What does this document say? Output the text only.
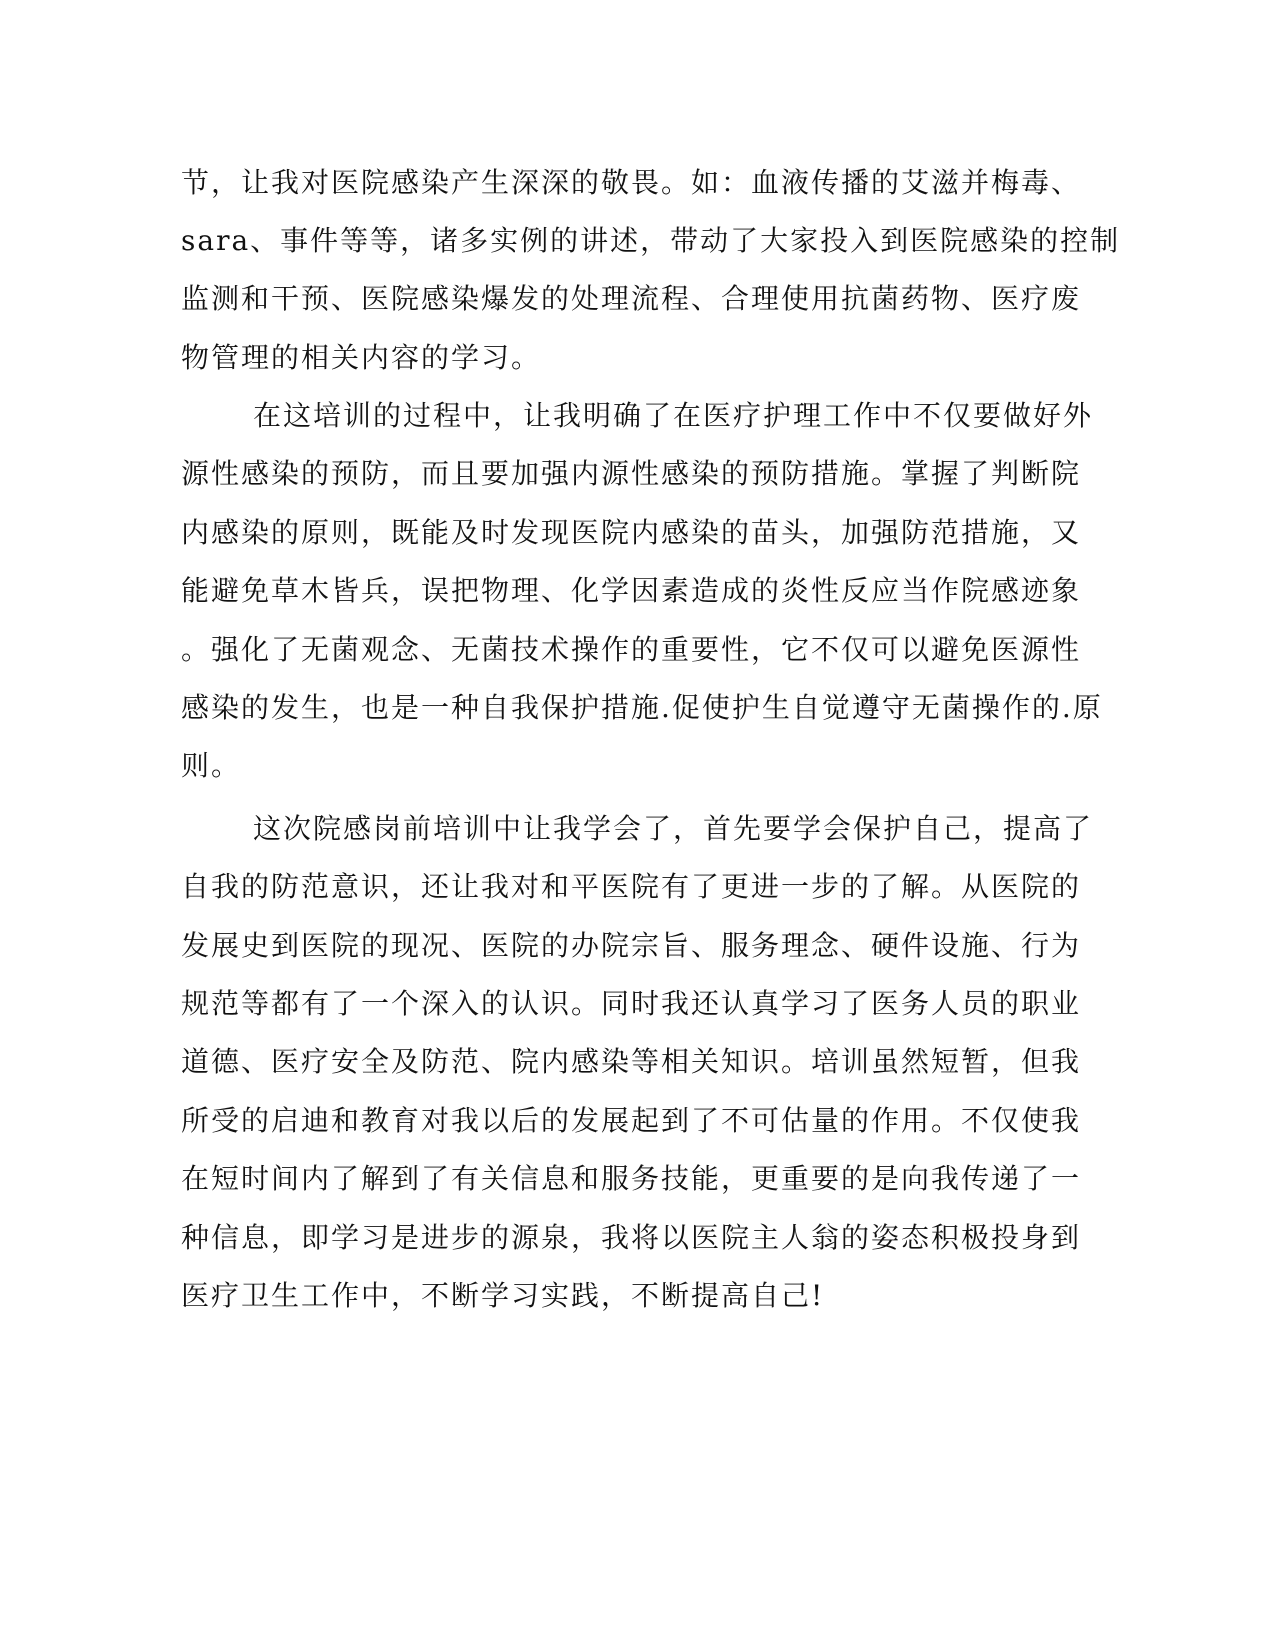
节，让我对医院感染产生深深的敬畏。如：血液传播的艾滋并梅毒、
sara、事件等等，诸多实例的讲述，带动了大家投入到医院感染的控制
监测和干预、医院感染爆发的处理流程、合理使用抗菌药物、医疗废
物管理的相关内容的学习。
在这培训的过程中，让我明确了在医疗护理工作中不仅要做好外
源性感染的预防，而且要加强内源性感染的预防措施。掌握了判断院
内感染的原则，既能及时发现医院内感染的苗头，加强防范措施，又
能避免草木皆兵，误把物理、化学因素造成的炎性反应当作院感迹象
。强化了无菌观念、无菌技术操作的重要性，它不仅可以避免医源性
感染的发生，也是一种自我保护措施.促使护生自觉遵守无菌操作的.原
则。
这次院感岗前培训中让我学会了，首先要学会保护自己，提高了
自我的防范意识，还让我对和平医院有了更进一步的了解。从医院的
发展史到医院的现况、医院的办院宗旨、服务理念、硬件设施、行为
规范等都有了一个深入的认识。同时我还认真学习了医务人员的职业
道德、医疗安全及防范、院内感染等相关知识。培训虽然短暂，但我
所受的启迪和教育对我以后的发展起到了不可估量的作用。不仅使我
在短时间内了解到了有关信息和服务技能，更重要的是向我传递了一
种信息，即学习是进步的源泉，我将以医院主人翁的姿态积极投身到
医疗卫生工作中，不断学习实践，不断提高自己!
